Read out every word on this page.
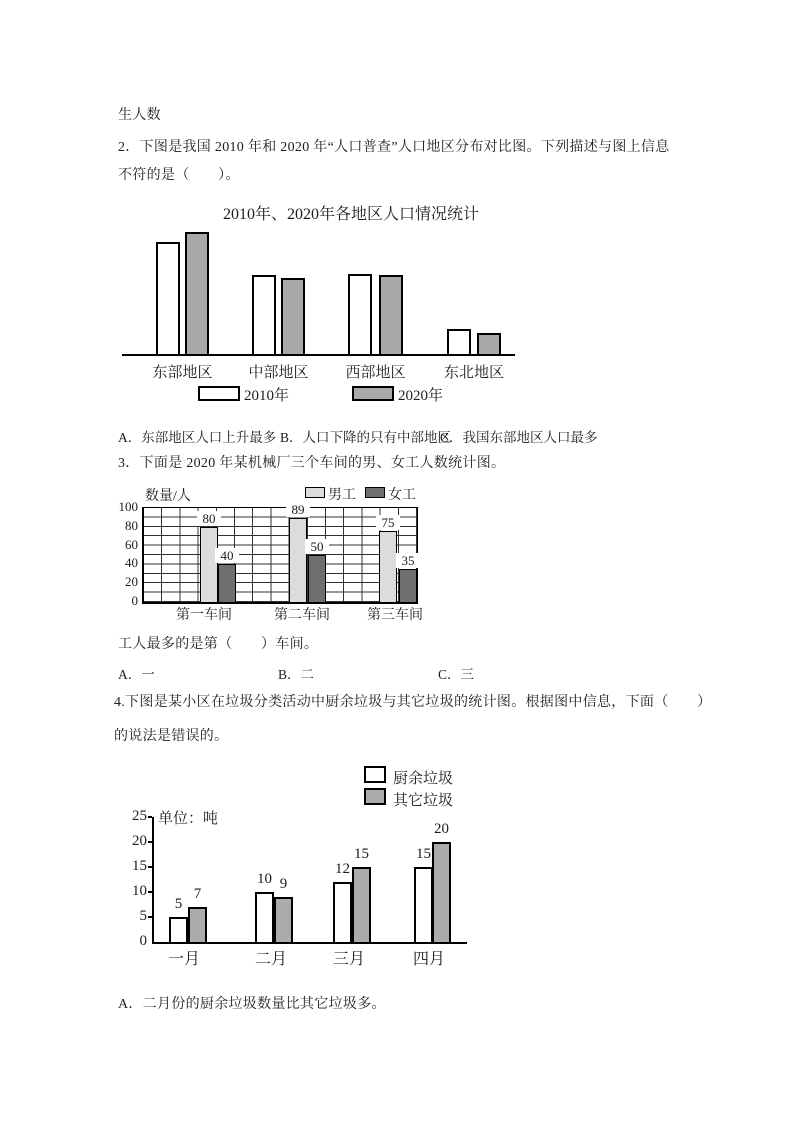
生人数
2．下图是我国 2010 年和 2020 年“人口普查”人口地区分布对比图。下列描述与图上信息
不符的是（　　）。
2010年、2020年各地区人口情况统计
东部地区	中部地区	西部地区	东北地区
2010年	2020年
A．东部地区人口上升最多 B．人口下降的只有中部地区
C．我国东部地区人口最多
3．下面是 2020 年某机械厂三个车间的男、女工人数统计图。
数量/人
80
40
89
50
75
35
0
20
40
60
80
100
第一车间	第二车间	第三车间
男工 女工
工人最多的是第（　　）车间。
A．一	B．二	C．三
4.下图是某小区在垃圾分类活动中厨余垃圾与其它垃圾的统计图。根据图中信息，下面（　　）
的说法是错误的。
单位：吨
5
7
10 9
12
15	15
20
0
5
10
15
20
25
一月	二月	三月	四月
厨余垃圾
其它垃圾
A．二月份的厨余垃圾数量比其它垃圾多。
